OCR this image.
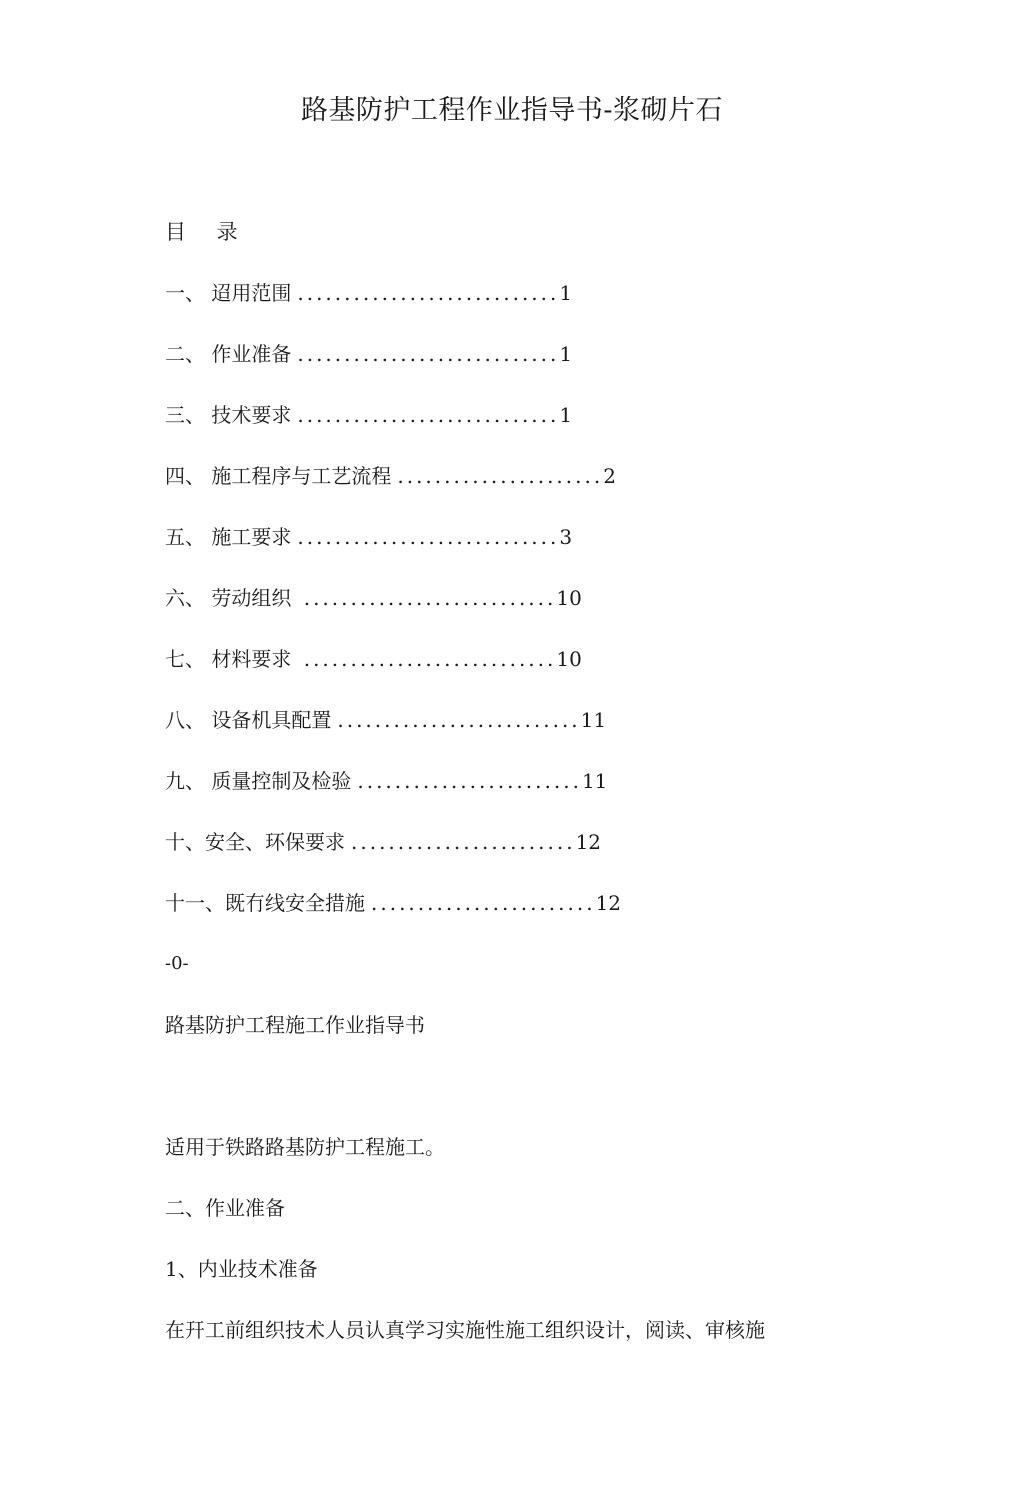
路基防护工程作业指导书-浆砌片石
目 录
一、 迢用范围 ............................1
二、 作业准备 ............................1
三、 技术要求 ............................1
四、 施工程序与工艺流程 ......................2
五、 施工要求 ............................3
六、 劳动组织 ...........................10
七、 材料要求 ...........................10
八、 设备机具配置 ..........................11
九、 质量控制及检验 ........................11
十、安全、环保要求 ........................12
十一、既冇线安全措施 ........................12
-0-
路基防护工程施工作业指导书
适用于铁路路基防护工程施工。
二、作业准备
1、内业技术准备
在幵工前组织技术人员认真学习实施性施工组织设计，阅读、审核施
